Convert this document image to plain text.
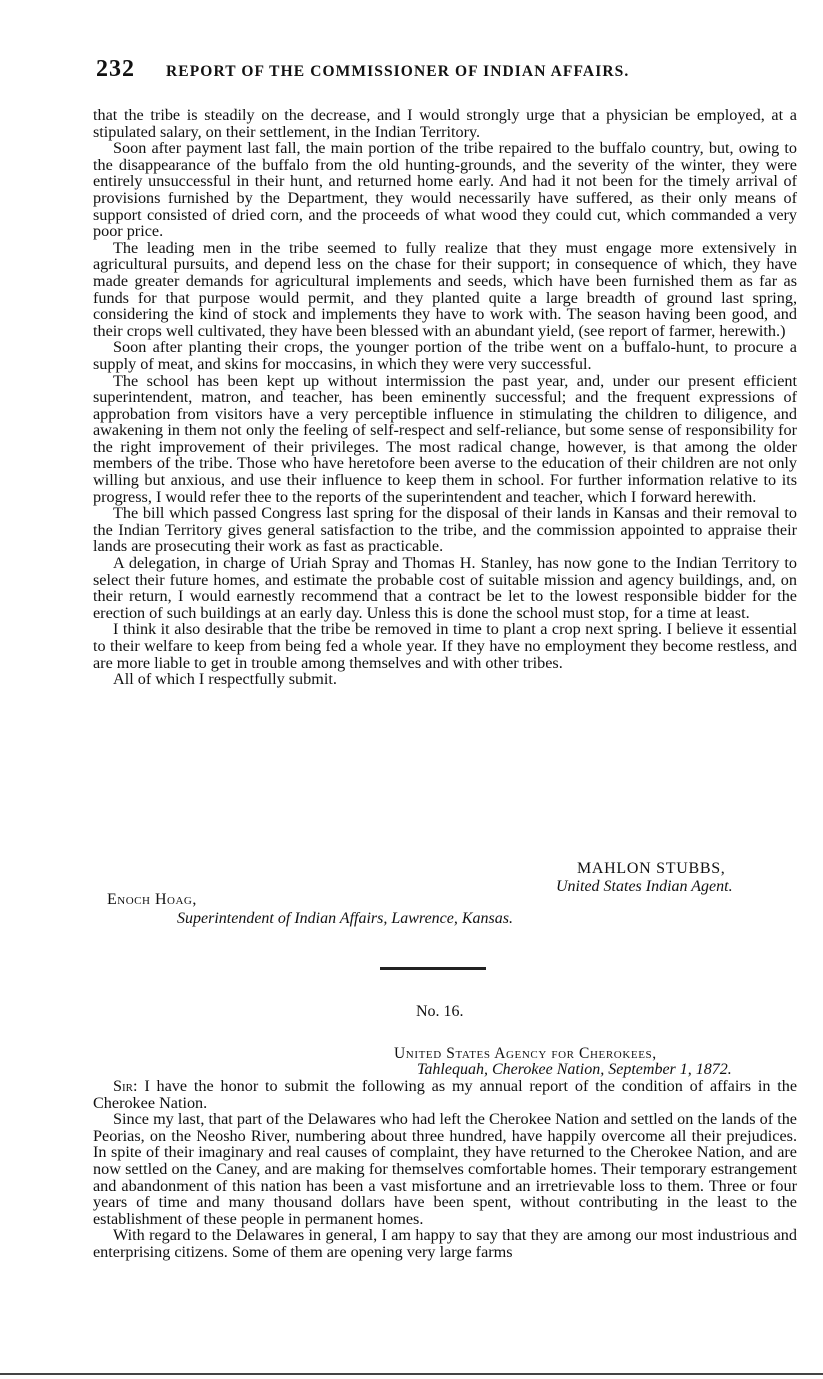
232 REPORT OF THE COMMISSIONER OF INDIAN AFFAIRS.

that the tribe is steadily on the decrease, and I would strongly urge that a physician be employed, at a stipulated salary, on their settlement, in the Indian Territory.

Soon after payment last fall, the main portion of the tribe repaired to the buffalo country, but, owing to the disappearance of the buffalo from the old hunting-grounds, and the severity of the winter, they were entirely unsuccessful in their hunt, and returned home early. And had it not been for the timely arrival of provisions furnished by the Department, they would necessarily have suffered, as their only means of support consisted of dried corn, and the proceeds of what wood they could cut, which commanded a very poor price.

The leading men in the tribe seemed to fully realize that they must engage more extensively in agricultural pursuits, and depend less on the chase for their support; in consequence of which, they have made greater demands for agricultural implements and seeds, which have been furnished them as far as funds for that purpose would permit, and they planted quite a large breadth of ground last spring, considering the kind of stock and implements they have to work with. The season having been good, and their crops well cultivated, they have been blessed with an abundant yield, (see report of farmer, herewith.)

Soon after planting their crops, the younger portion of the tribe went on a buffalo-hunt, to procure a supply of meat, and skins for moccasins, in which they were very successful.

The school has been kept up without intermission the past year, and, under our present efficient superintendent, matron, and teacher, has been eminently successful; and the frequent expressions of approbation from visitors have a very perceptible influence in stimulating the children to diligence, and awakening in them not only the feeling of self-respect and self-reliance, but some sense of responsibility for the right improvement of their privileges. The most radical change, however, is that among the older members of the tribe. Those who have heretofore been averse to the education of their children are not only willing but anxious, and use their influence to keep them in school. For further information relative to its progress, I would refer thee to the reports of the superintendent and teacher, which I forward herewith.

The bill which passed Congress last spring for the disposal of their lands in Kansas and their removal to the Indian Territory gives general satisfaction to the tribe, and the commission appointed to appraise their lands are prosecuting their work as fast as practicable.

A delegation, in charge of Uriah Spray and Thomas H. Stanley, has now gone to the Indian Territory to select their future homes, and estimate the probable cost of suitable mission and agency buildings, and, on their return, I would earnestly recommend that a contract be let to the lowest responsible bidder for the erection of such buildings at an early day. Unless this is done the school must stop, for a time at least.

I think it also desirable that the tribe be removed in time to plant a crop next spring. I believe it essential to their welfare to keep from being fed a whole year. If they have no employment they become restless, and are more liable to get in trouble among themselves and with other tribes.

All of which I respectfully submit.

MAHLON STUBBS,
United States Indian Agent.
Enoch Hoag,
Superintendent of Indian Affairs, Lawrence, Kansas.
No. 16.
United States Agency for Cherokees,
Tahlequah, Cherokee Nation, September 1, 1872.

Sir: I have the honor to submit the following as my annual report of the condition of affairs in the Cherokee Nation.

Since my last, that part of the Delawares who had left the Cherokee Nation and settled on the lands of the Peorias, on the Neosho River, numbering about three hundred, have happily overcome all their prejudices. In spite of their imaginary and real causes of complaint, they have returned to the Cherokee Nation, and are now settled on the Caney, and are making for themselves comfortable homes. Their temporary estrangement and abandonment of this nation has been a vast misfortune and an irretrievable loss to them. Three or four years of time and many thousand dollars have been spent, without contributing in the least to the establishment of these people in permanent homes.

With regard to the Delawares in general, I am happy to say that they are among our most industrious and enterprising citizens. Some of them are opening very large farms
